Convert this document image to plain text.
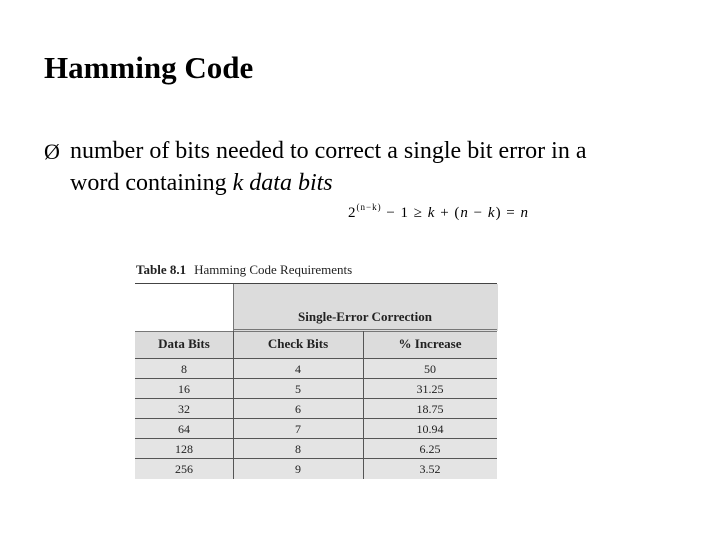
Hamming Code
Ø number of bits needed to correct a single bit error in a
word containing k data bits
$2^{(n-k)} - 1 \ge k + (n - k) = n$
Table 8.1 Hamming Code Requirements
Single-Error Correction
Data Bits	Check Bits	% Increase
8	4	50
16	5	31.25
32	6	18.75
64	7	10.94
128	8	6.25
256	9	3.52
